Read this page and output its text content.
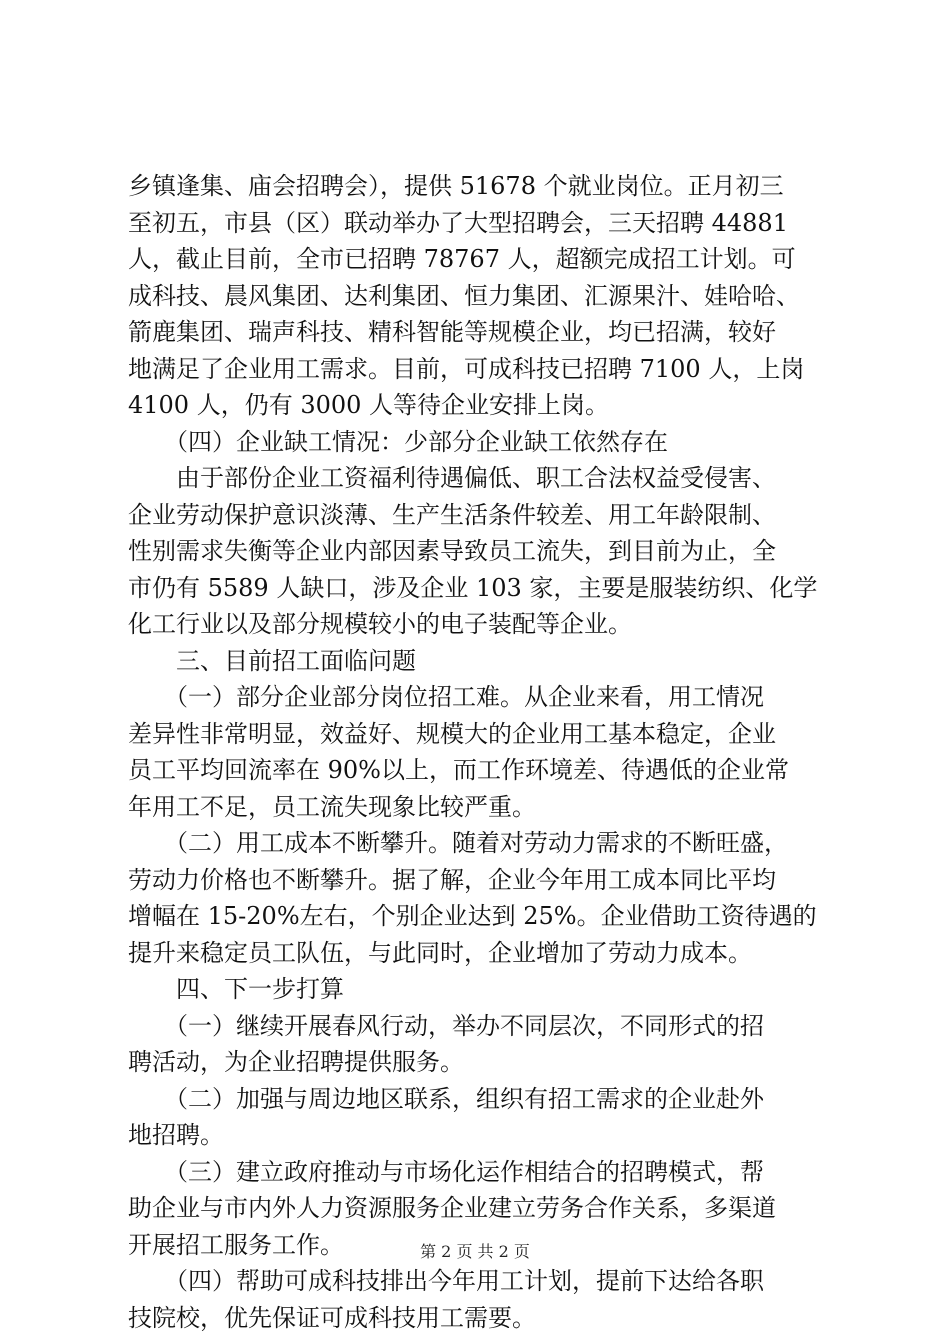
乡镇逢集、庙会招聘会），提供 51678 个就业岗位。正月初三
至初五，市县（区）联动举办了大型招聘会，三天招聘 44881
人，截止目前，全市已招聘 78767 人，超额完成招工计划。可
成科技、晨风集团、达利集团、恒力集团、汇源果汁、娃哈哈、
箭鹿集团、瑞声科技、精科智能等规模企业，均已招满，较好
地满足了企业用工需求。目前，可成科技已招聘 7100 人，上岗
4100 人，仍有 3000 人等待企业安排上岗。
　　（四）企业缺工情况：少部分企业缺工依然存在
　　由于部份企业工资福利待遇偏低、职工合法权益受侵害、
企业劳动保护意识淡薄、生产生活条件较差、用工年龄限制、
性别需求失衡等企业内部因素导致员工流失，到目前为止，全
市仍有 5589 人缺口，涉及企业 103 家，主要是服装纺织、化学
化工行业以及部分规模较小的电子装配等企业。
　　三、目前招工面临问题
　　（一）部分企业部分岗位招工难。从企业来看，用工情况
差异性非常明显，效益好、规模大的企业用工基本稳定，企业
员工平均回流率在 90%以上，而工作环境差、待遇低的企业常
年用工不足，员工流失现象比较严重。
　　（二）用工成本不断攀升。随着对劳动力需求的不断旺盛，
劳动力价格也不断攀升。据了解，企业今年用工成本同比平均
增幅在 15-20%左右，个别企业达到 25%。企业借助工资待遇的
提升来稳定员工队伍，与此同时，企业增加了劳动力成本。
　　四、下一步打算
　　（一）继续开展春风行动，举办不同层次，不同形式的招
聘活动，为企业招聘提供服务。
　　（二）加强与周边地区联系，组织有招工需求的企业赴外
地招聘。
　　（三）建立政府推动与市场化运作相结合的招聘模式，帮
助企业与市内外人力资源服务企业建立劳务合作关系，多渠道
开展招工服务工作。
　　（四）帮助可成科技排出今年用工计划，提前下达给各职
技院校，优先保证可成科技用工需要。
第 2 页 共 2 页
